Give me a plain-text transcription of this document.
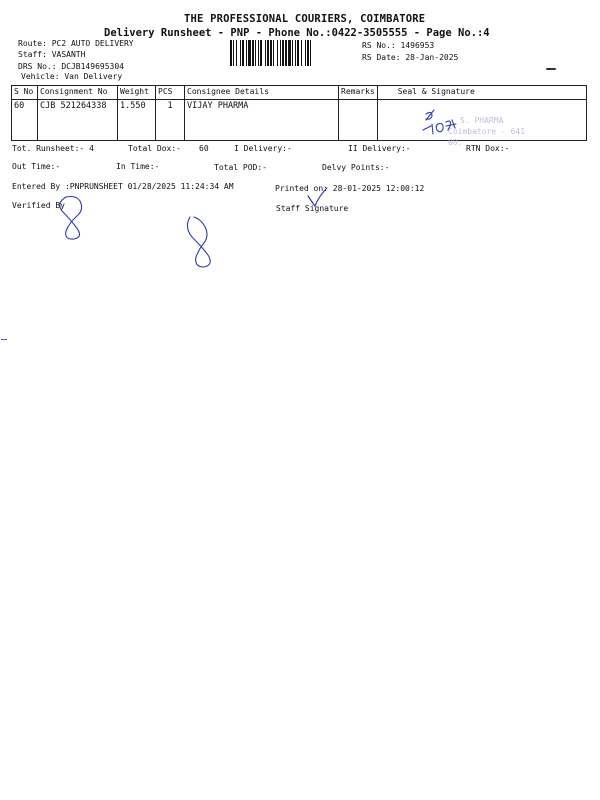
THE PROFESSIONAL COURIERS, COIMBATORE
Delivery Runsheet - PNP - Phone No.:0422-3505555 - Page No.:4
Route: PC2 AUTO DELIVERY
Staff: VASANTH
DRS No.: DCJB149695304
Vehicle: Van Delivery
RS No.: 1496953
RS Date: 28-Jan-2025
S No	Consignment No	Weight	PCS	Consignee Details	Remarks	Seal & Signature
60	CJB 521264338	1.550	1	VIJAY PHARMA		
S. PHARMA
Coimbatore - 641 00.
Tot. Runsheet:- 4	Total Dox:- 60	I Delivery:-	II Delivery:-	RTN Dox:-
Out Time:-	In Time:-	Total POD:-	Delvy Points:-
Entered By :PNPRUNSHEET 01/28/2025 11:24:34 AM	Printed on: 28-01-2025 12:00:12
Verified By	Staff Signature
